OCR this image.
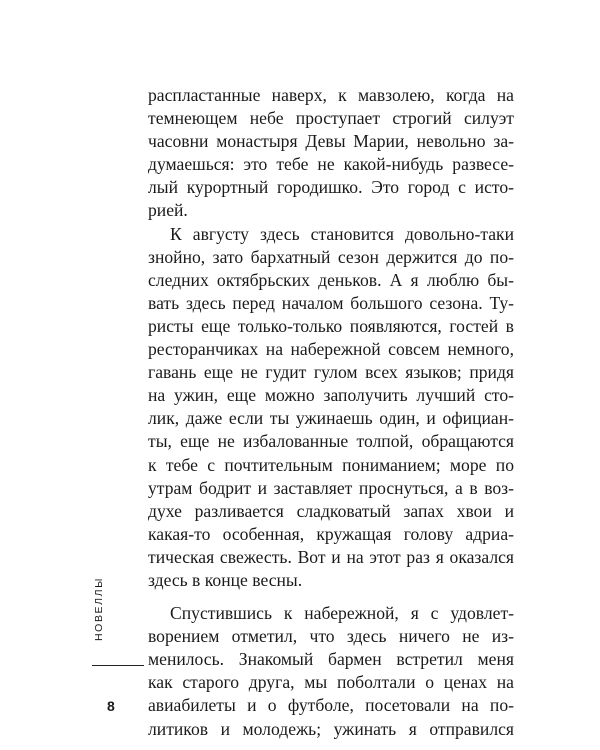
распластанные наверх, к мавзолею, когда на
темнеющем небе проступает строгий силуэт
часовни монастыря Девы Марии, невольно за-
думаешься: это тебе не какой-нибудь развесе-
лый курортный городишко. Это город с исто-
рией.
К августу здесь становится довольно-таки
знойно, зато бархатный сезон держится до по-
следних октябрьских деньков. А я люблю бы-
вать здесь перед началом большого сезона. Ту-
ристы еще только-только появляются, гостей в
ресторанчиках на набережной совсем немного,
гавань еще не гудит гулом всех языков; придя
на ужин, еще можно заполучить лучший сто-
лик, даже если ты ужинаешь один, и официан-
ты, еще не избалованные толпой, обращаются
к тебе с почтительным пониманием; море по
утрам бодрит и заставляет проснуться, а в воз-
духе разливается сладковатый запах хвои и
какая-то особенная, кружащая голову адриа-
тическая свежесть. Вот и на этот раз я оказался
здесь в конце весны.
Спустившись к набережной, я с удовлет-
ворением отметил, что здесь ничего не из-
менилось. Знакомый бармен встретил меня
как старого друга, мы поболтали о ценах на
авиабилеты и о футболе, посетовали на по-
литиков и молодежь; ужинать я отправился
НОВЕЛЛЫ
8
